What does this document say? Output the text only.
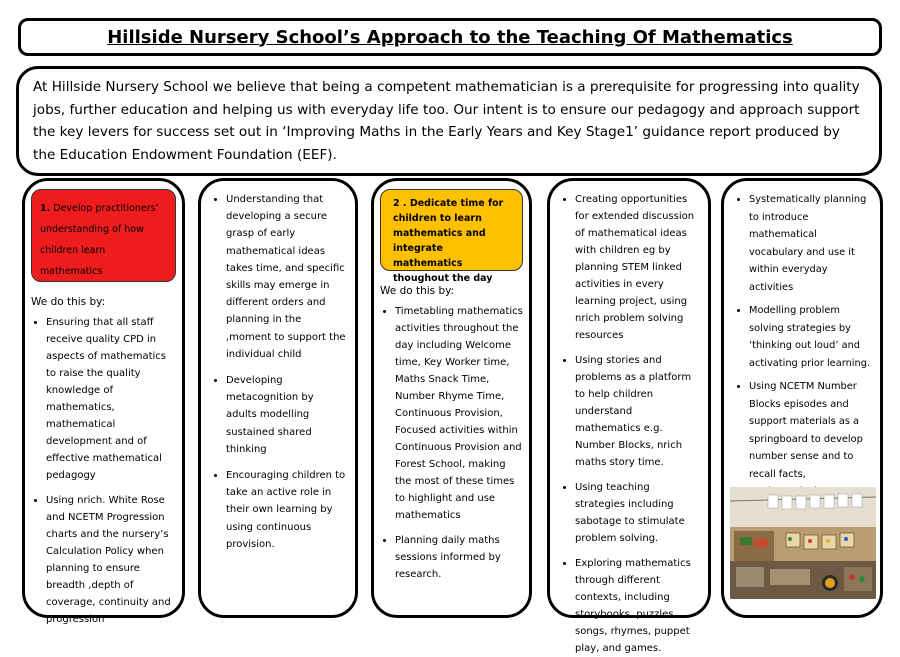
Hillside Nursery School’s Approach to the Teaching Of Mathematics
At Hillside Nursery School we believe that being a competent mathematician is a prerequisite for progressing into quality jobs, further education and helping us with everyday life too. Our intent is to ensure our pedagogy and approach support the key levers for success set out in ‘Improving Maths in the Early Years and Key Stage1’ guidance report produced by the Education Endowment Foundation (EEF).
1. Develop practitioners’ understanding of how children learn mathematics
We do this by:
• Ensuring that all staff receive quality CPD in aspects of mathematics to raise the quality knowledge of mathematics, mathematical development and of effective mathematical pedagogy
• Using nrich. White Rose and NCETM Progression charts and the nursery’s Calculation Policy when planning to ensure breadth ,depth of coverage, continuity and progression
• Understanding that developing a secure grasp of early mathematical ideas takes time, and specific skills may emerge in different orders and planning in the ,moment to support the individual child
• Developing metacognition by adults modelling sustained shared thinking
• Encouraging children to take an active role in their own learning by using continuous provision.
2 . Dedicate time for children to learn mathematics and integrate mathematics thoughout the day
We do this by:
• Timetabling mathematics activities throughout the day including Welcome time, Key Worker time, Maths Snack Time, Number Rhyme Time, Continuous Provision, Focused activities within Continuous Provision and Forest School, making the most of these times to highlight and use mathematics
• Planning daily maths sessions informed by research.
• Creating opportunities for extended discussion of mathematical ideas with children eg by planning STEM linked activities in every learning project, using nrich problem solving resources
• Using stories and problems as a platform to help children understand mathematics e.g. Number Blocks, nrich maths story time.
• Using teaching strategies including sabotage to stimulate problem solving.
• Exploring mathematics through different contexts, including storybooks, puzzles, songs, rhymes, puppet play, and games.
• Systematically planning to introduce mathematical vocabulary and use it within everyday activities
• Modelling problem solving strategies by ‘thinking out loud’ and activating prior learning.
• Using NCETM Number Blocks episodes and support materials as a springboard to develop number sense and to recall facts,
